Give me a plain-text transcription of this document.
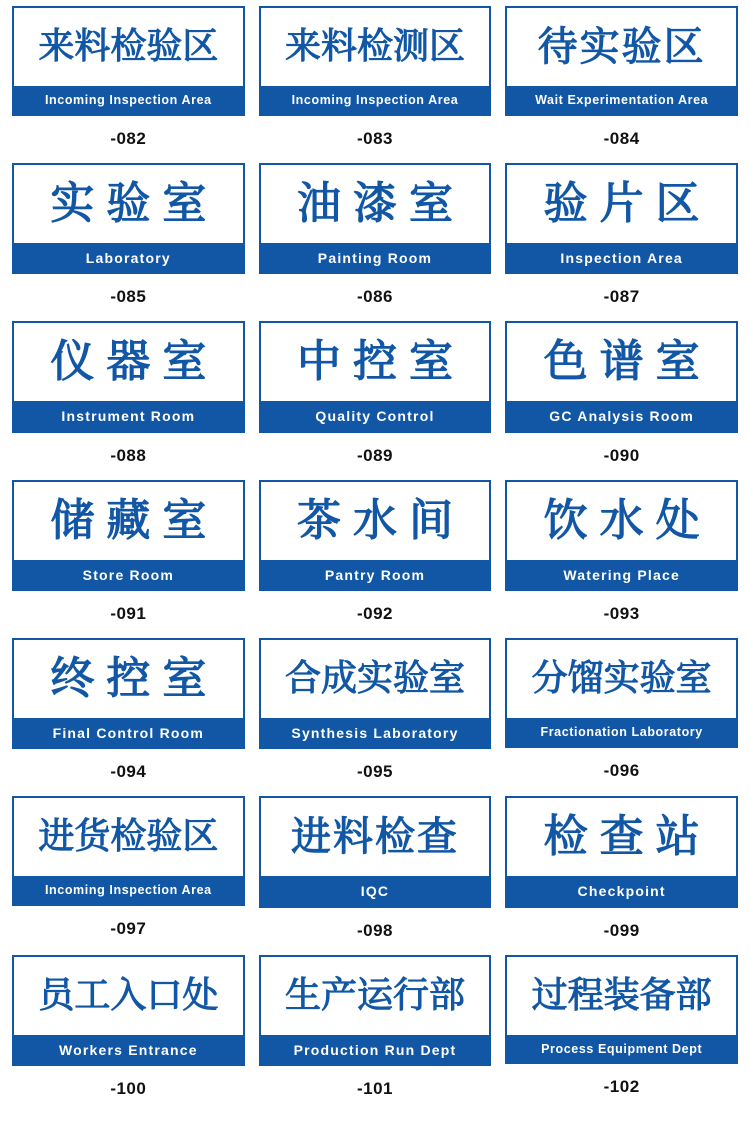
来料检验区
Incoming Inspection Area
-082
来料检测区
Incoming Inspection Area
-083
待实验区
Wait Experimentation Area
-084
实验室
Laboratory
-085
油漆室
Painting Room
-086
验片区
Inspection Area
-087
仪器室
Instrument Room
-088
中控室
Quality Control
-089
色谱室
GC Analysis Room
-090
储藏室
Store Room
-091
茶水间
Pantry Room
-092
饮水处
Watering Place
-093
终控室
Final Control Room
-094
合成实验室
Synthesis Laboratory
-095
分馏实验室
Fractionation Laboratory
-096
进货检验区
Incoming Inspection Area
-097
进料检查
IQC
-098
检查站
Checkpoint
-099
员工入口处
Workers Entrance
-100
生产运行部
Production Run Dept
-101
过程装备部
Process Equipment Dept
-102
